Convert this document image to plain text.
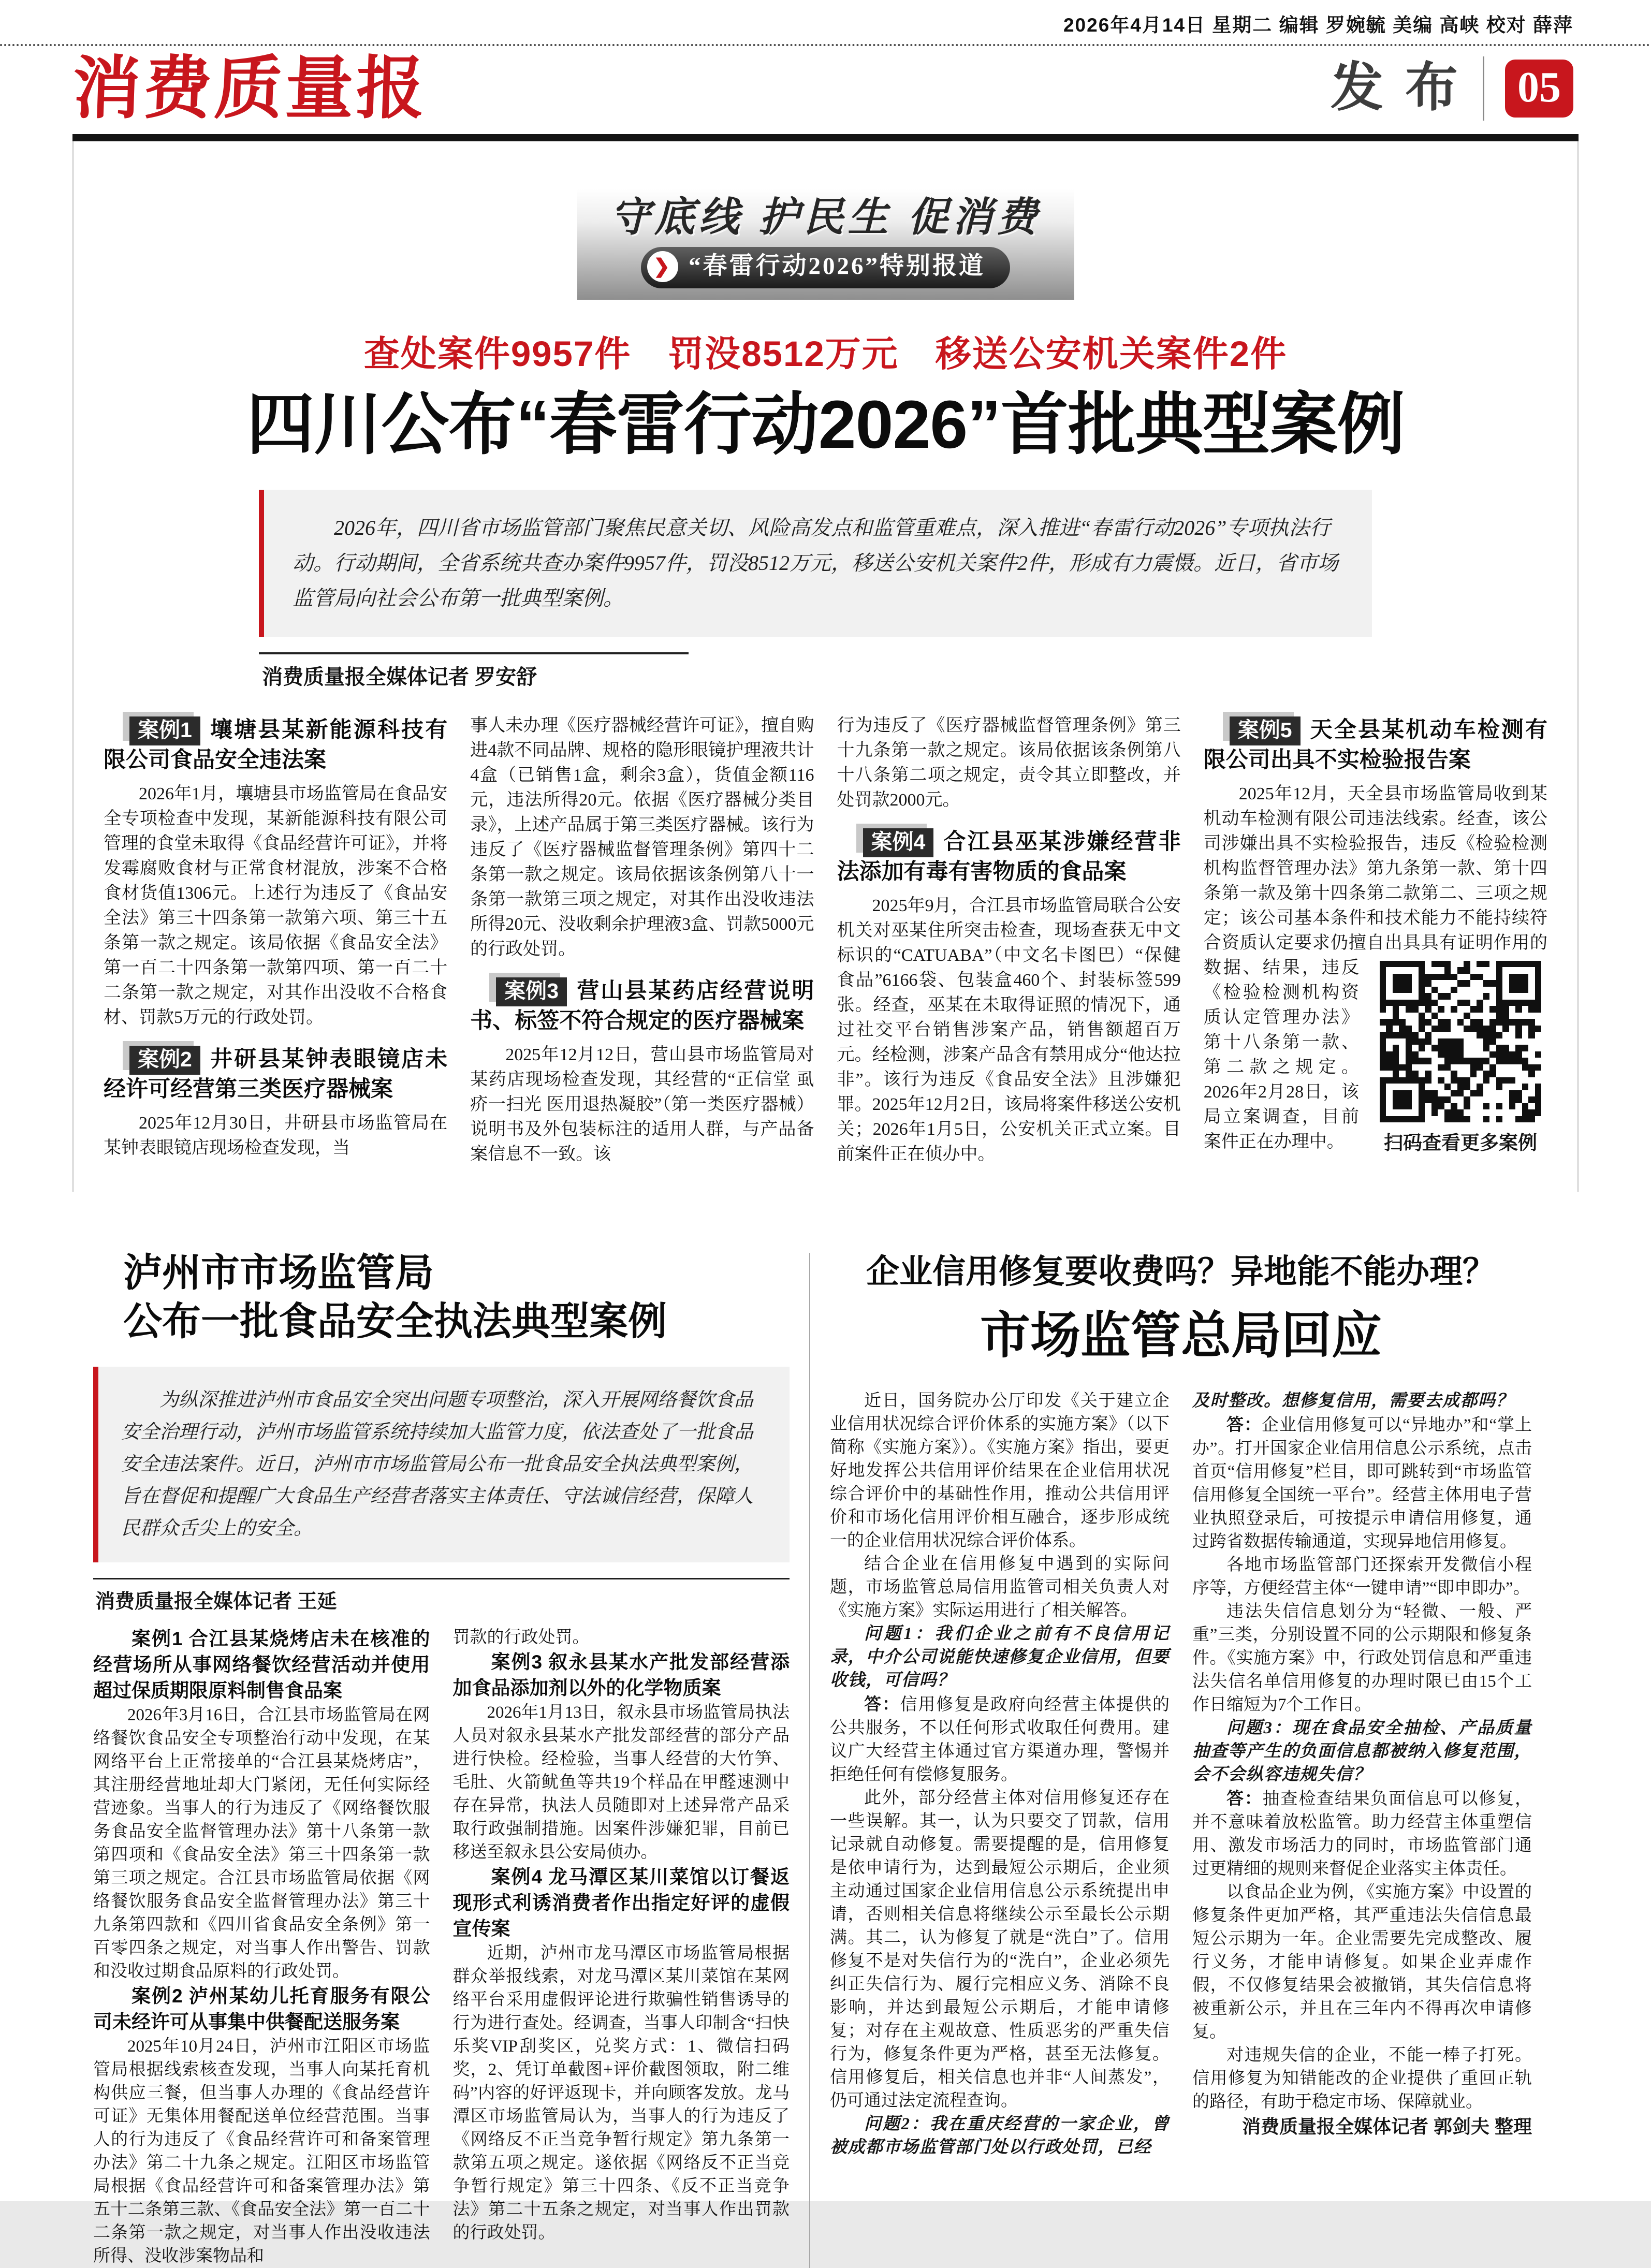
2026年4月14日 星期二 编辑 罗婉毓 美编 高峡 校对 薛萍
消费质量报	发布 05
守底线 护民生 促消费
❯ “春雷行动2026”特别报道
查处案件9957件　罚没8512万元　移送公安机关案件2件
四川公布“春雷行动2026”首批典型案例

2026年，四川省市场监管部门聚焦民意关切、风险高发点和监管重难点，深入推进“春雷行动2026”专项执法行动。行动期间，全省系统共查办案件9957件，罚没8512万元，移送公安机关案件2件，形成有力震慑。近日，省市场监管局向社会公布第一批典型案例。

消费质量报全媒体记者 罗安舒
案例1 壤塘县某新能源科技有限公司食品安全违法案

2026年1月，壤塘县市场监管局在食品安全专项检查中发现，某新能源科技有限公司管理的食堂未取得《食品经营许可证》，并将发霉腐败食材与正常食材混放，涉案不合格食材货值1306元。上述行为违反了《食品安全法》第三十四条第一款第六项、第三十五条第一款之规定。该局依据《食品安全法》第一百二十四条第一款第四项、第一百二十二条第一款之规定，对其作出没收不合格食材、罚款5万元的行政处罚。

案例2 井研县某钟表眼镜店未经许可经营第三类医疗器械案

2025年12月30日，井研县市场监管局在某钟表眼镜店现场检查发现，当

事人未办理《医疗器械经营许可证》，擅自购进4款不同品牌、规格的隐形眼镜护理液共计4盒（已销售1盒，剩余3盒），货值金额116元，违法所得20元。依据《医疗器械分类目录》，上述产品属于第三类医疗器械。该行为违反了《医疗器械监督管理条例》第四十二条第一款之规定。该局依据该条例第八十一条第一款第三项之规定，对其作出没收违法所得20元、没收剩余护理液3盒、罚款5000元的行政处罚。

案例3 营山县某药店经营说明书、标签不符合规定的医疗器械案

2025年12月12日，营山县市场监管局对某药店现场检查发现，其经营的“正信堂 虱疥一扫光 医用退热凝胶”（第一类医疗器械）说明书及外包装标注的适用人群，与产品备案信息不一致。该

行为违反了《医疗器械监督管理条例》第三十九条第一款之规定。该局依据该条例第八十八条第二项之规定，责令其立即整改，并处罚款2000元。

案例4 合江县巫某涉嫌经营非法添加有毒有害物质的食品案

2025年9月，合江县市场监管局联合公安机关对巫某住所突击检查，现场查获无中文标识的“CATUABA”（中文名卡图巴）“保健食品”6166袋、包装盒460个、封装标签599张。经查，巫某在未取得证照的情况下，通过社交平台销售涉案产品，销售额超百万元。经检测，涉案产品含有禁用成分“他达拉非”。该行为违反《食品安全法》且涉嫌犯罪。2025年12月2日，该局将案件移送公安机关；2026年1月5日，公安机关正式立案。目前案件正在侦办中。

案例5 天全县某机动车检测有限公司出具不实检验报告案

2025年12月，天全县市场监管局收到某机动车检测有限公司违法线索。经查，该公司涉嫌出具不实检验报告，违反《检验检测机构监督管理办法》第九条第一款、第十四条第一款及第十四条第二款第二、三项之规定；该公司基本条件和技术能力不能持续符合资质认定要求仍擅自出具具有证明作用的数据、结果，违反
扫码查看更多案例
《检验检测机构资质认定管理办法》第十八条第一款、第二款之规定。2026年2月28日，该局立案调查，目前案件正在办理中。

泸州市市场监管局
公布一批食品安全执法典型案例

为纵深推进泸州市食品安全突出问题专项整治，深入开展网络餐饮食品安全治理行动，泸州市场监管系统持续加大监管力度，依法查处了一批食品安全违法案件。近日，泸州市市场监管局公布一批食品安全执法典型案例，旨在督促和提醒广大食品生产经营者落实主体责任、守法诚信经营，保障人民群众舌尖上的安全。

消费质量报全媒体记者 王延

案例1 合江县某烧烤店未在核准的经营场所从事网络餐饮经营活动并使用超过保质期限原料制售食品案

2026年3月16日，合江县市场监管局在网络餐饮食品安全专项整治行动中发现，在某网络平台上正常接单的“合江县某烧烤店”，其注册经营地址却大门紧闭，无任何实际经营迹象。当事人的行为违反了《网络餐饮服务食品安全监督管理办法》第十八条第一款第四项和《食品安全法》第三十四条第一款第三项之规定。合江县市场监管局依据《网络餐饮服务食品安全监督管理办法》第三十九条第四款和《四川省食品安全条例》第一百零四条之规定，对当事人作出警告、罚款和没收过期食品原料的行政处罚。

案例2 泸州某幼儿托育服务有限公司未经许可从事集中供餐配送服务案

2025年10月24日，泸州市江阳区市场监管局根据线索核查发现，当事人向某托育机构供应三餐，但当事人办理的《食品经营许可证》无集体用餐配送单位经营范围。当事人的行为违反了《食品经营许可和备案管理办法》第二十九条之规定。江阳区市场监管局根据《食品经营许可和备案管理办法》第五十二条第三款、《食品安全法》第一百二十二条第一款之规定，对当事人作出没收违法所得、没收涉案物品和

罚款的行政处罚。

案例3 叙永县某水产批发部经营添加食品添加剂以外的化学物质案

2026年1月13日，叙永县市场监管局执法人员对叙永县某水产批发部经营的部分产品进行快检。经检验，当事人经营的大竹笋、毛肚、火箭鱿鱼等共19个样品在甲醛速测中存在异常，执法人员随即对上述异常产品采取行政强制措施。因案件涉嫌犯罪，目前已移送至叙永县公安局侦办。

案例4 龙马潭区某川菜馆以订餐返现形式利诱消费者作出指定好评的虚假宣传案

近期，泸州市龙马潭区市场监管局根据群众举报线索，对龙马潭区某川菜馆在某网络平台采用虚假评论进行欺骗性销售诱导的行为进行查处。经调查，当事人印制含“扫快乐奖VIP刮奖区，兑奖方式：1、微信扫码奖，2、凭订单截图+评价截图领取，附二维码”内容的好评返现卡，并向顾客发放。龙马潭区市场监管局认为，当事人的行为违反了《网络反不正当竞争暂行规定》第九条第一款第五项之规定。遂依据《网络反不正当竞争暂行规定》第三十四条、《反不正当竞争法》第二十五条之规定，对当事人作出罚款的行政处罚。

企业信用修复要收费吗？异地能不能办理？
市场监管总局回应

近日，国务院办公厅印发《关于建立企业信用状况综合评价体系的实施方案》（以下简称《实施方案》）。《实施方案》指出，要更好地发挥公共信用评价结果在企业信用状况综合评价中的基础性作用，推动公共信用评价和市场化信用评价相互融合，逐步形成统一的企业信用状况综合评价体系。

结合企业在信用修复中遇到的实际问题，市场监管总局信用监管司相关负责人对《实施方案》实际运用进行了相关解答。

问题1：我们企业之前有不良信用记录，中介公司说能快速修复企业信用，但要收钱，可信吗？

答：信用修复是政府向经营主体提供的公共服务，不以任何形式收取任何费用。建议广大经营主体通过官方渠道办理，警惕并拒绝任何有偿修复服务。

此外，部分经营主体对信用修复还存在一些误解。其一，认为只要交了罚款，信用记录就自动修复。需要提醒的是，信用修复是依申请行为，达到最短公示期后，企业须主动通过国家企业信用信息公示系统提出申请，否则相关信息将继续公示至最长公示期满。其二，认为修复了就是“洗白”了。信用修复不是对失信行为的“洗白”，企业必须先纠正失信行为、履行完相应义务、消除不良影响，并达到最短公示期后，才能申请修复；对存在主观故意、性质恶劣的严重失信行为，修复条件更为严格，甚至无法修复。信用修复后，相关信息也并非“人间蒸发”，仍可通过法定流程查询。

问题2：我在重庆经营的一家企业，曾被成都市场监管部门处以行政处罚，已经

及时整改。想修复信用，需要去成都吗？

答：企业信用修复可以“异地办”和“掌上办”。打开国家企业信用信息公示系统，点击首页“信用修复”栏目，即可跳转到“市场监管信用修复全国统一平台”。经营主体用电子营业执照登录后，可按提示申请信用修复，通过跨省数据传输通道，实现异地信用修复。

各地市场监管部门还探索开发微信小程序等，方便经营主体“一键申请”“即申即办”。

违法失信信息划分为“轻微、一般、严重”三类，分别设置不同的公示期限和修复条件。《实施方案》中，行政处罚信息和严重违法失信名单信用修复的办理时限已由15个工作日缩短为7个工作日。

问题3：现在食品安全抽检、产品质量抽查等产生的负面信息都被纳入修复范围，会不会纵容违规失信？

答：抽查检查结果负面信息可以修复，并不意味着放松监管。助力经营主体重塑信用、激发市场活力的同时，市场监管部门通过更精细的规则来督促企业落实主体责任。

以食品企业为例，《实施方案》中设置的修复条件更加严格，其严重违法失信信息最短公示期为一年。企业需要先完成整改、履行义务，才能申请修复。如果企业弄虚作假，不仅修复结果会被撤销，其失信信息将被重新公示，并且在三年内不得再次申请修复。

对违规失信的企业，不能一棒子打死。信用修复为知错能改的企业提供了重回正轨的路径，有助于稳定市场、保障就业。

消费质量报全媒体记者 郭剑夫 整理
